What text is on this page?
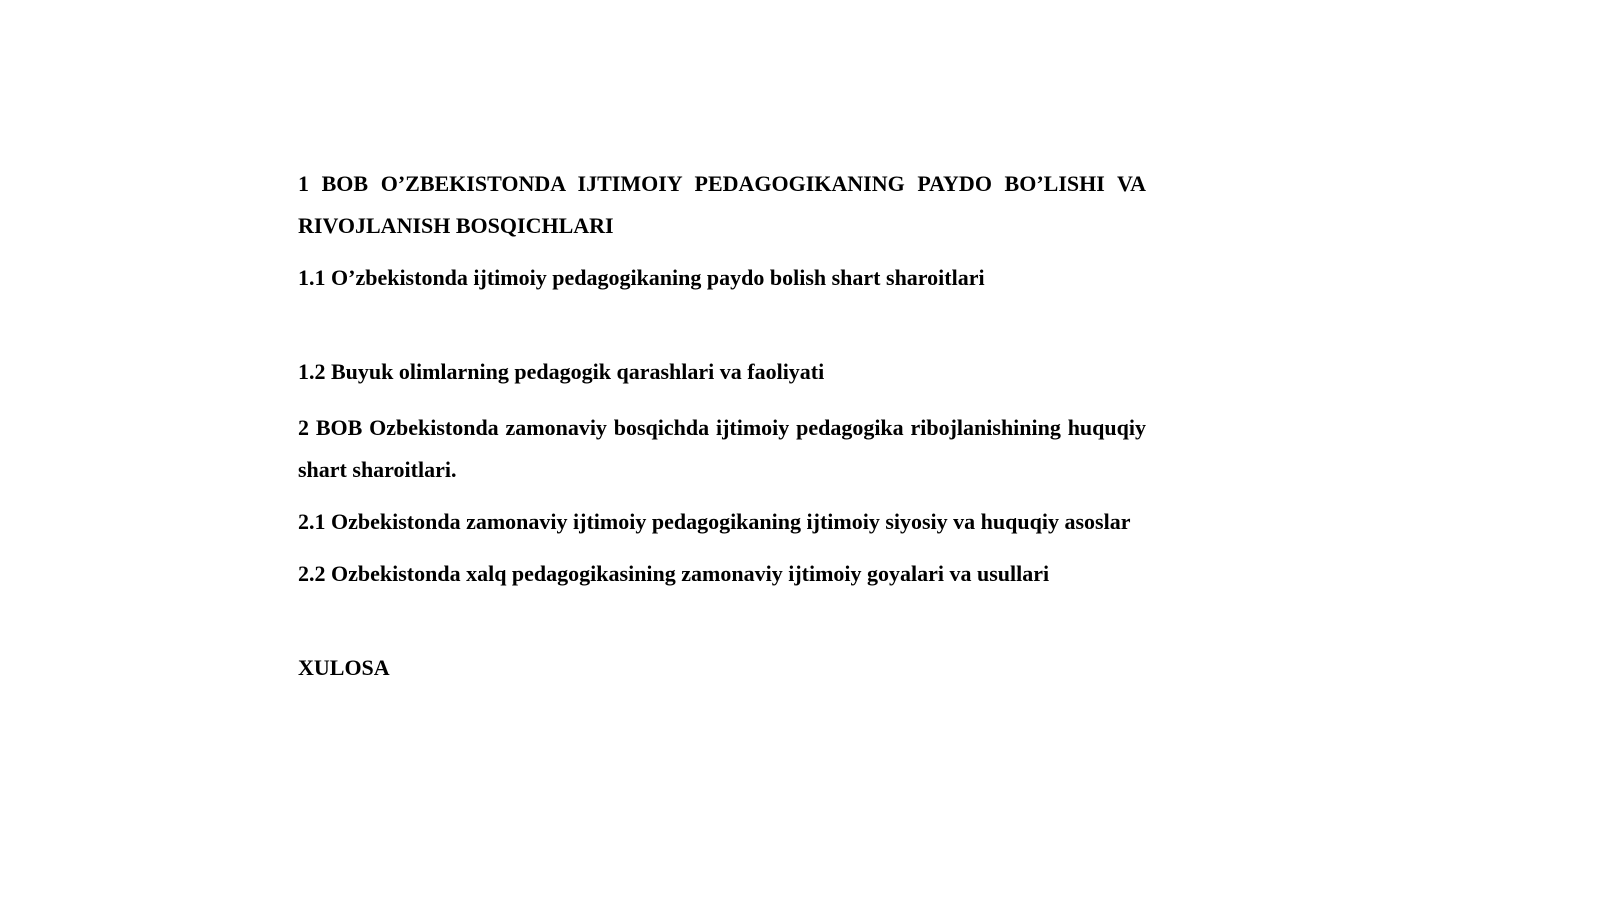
1 BOB O’ZBEKISTONDA IJTIMOIY PEDAGOGIKANING PAYDO BO’LISHI VA RIVOJLANISH BOSQICHLARI

1.1 O’zbekistonda ijtimoiy pedagogikaning paydo bolish shart sharoitlari

1.2 Buyuk olimlarning pedagogik qarashlari va faoliyati

2 BOB Ozbekistonda zamonaviy bosqichda ijtimoiy pedagogika ribojlanishining huquqiy shart sharoitlari.

2.1 Ozbekistonda zamonaviy ijtimoiy pedagogikaning ijtimoiy siyosiy va huquqiy asoslar

2.2 Ozbekistonda xalq pedagogikasining zamonaviy ijtimoiy goyalari va usullari

XULOSA
